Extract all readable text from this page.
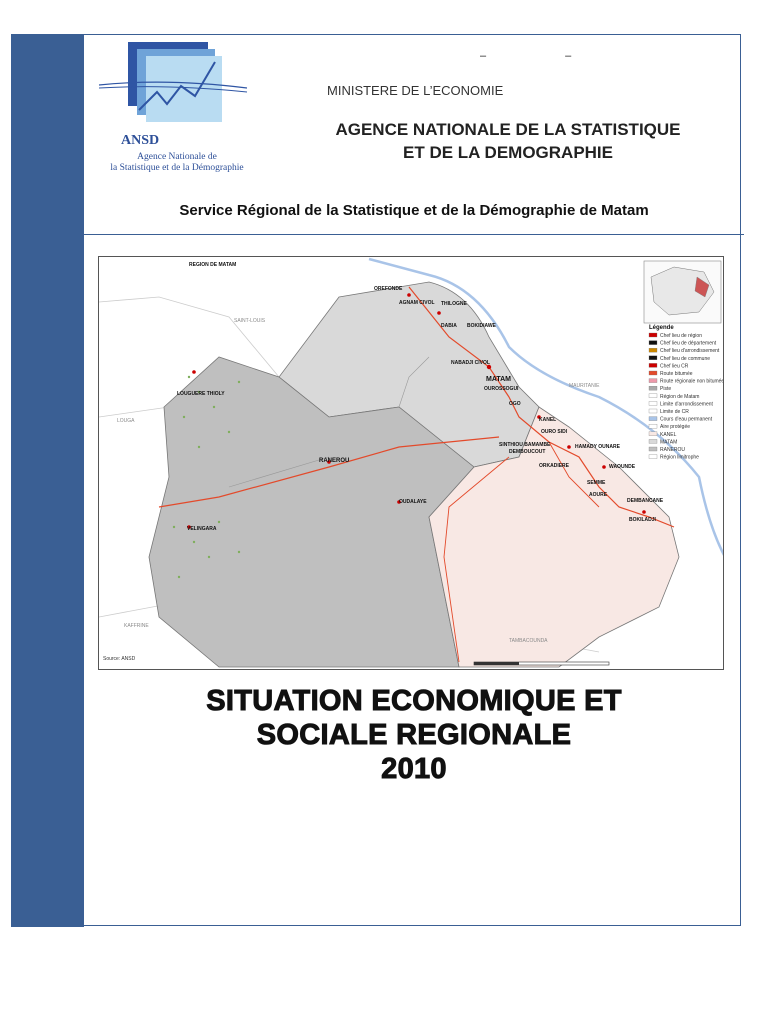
ANSD
Agence Nationale de
la Statistique et de la Démographie
– –
MINISTERE DE L’ECONOMIE
AGENCE NATIONALE DE LA STATISTIQUE
ET DE LA DEMOGRAPHIE
Service Régional de la Statistique et de la Démographie de Matam
REGION DE MATAM
OREFONDE
AGNAM CIVOL THILOGNE
DABIA BOKIDIAWE
NABADJI CIVOL
MATAM
OUROSSOGUI
OGO
KANEL
OURO SIDI
SINTHIOU BAMAMBE
DEMBOUCOUT
HAMADY OUNARE
ORKADIERE	WAOUNDE
SEMME
AOURE
DEMBANCANE
BOKILADJI
RANEROU
OUDALAYE
LOUGUERE THIOLY
VELINGARA
SAINT-LOUIS
LOUGA
MAURITANIE
KAFFRINE
TAMBACOUNDA
Source: ANSD
Légende
Chef lieu de région
Chef lieu de département
Chef lieu d'arrondissement
Chef lieu de commune
Chef lieu CR
Route bitumée
Route régionale non bitumée
Piste
Région de Matam
Limite d'arrondissement
Limite de CR
Cours d'eau permanent
Aire protégée
KANEL
MATAM
RANEROU
Région limitrophe
SITUATION ECONOMIQUE ET
SOCIALE REGIONALE
2010
